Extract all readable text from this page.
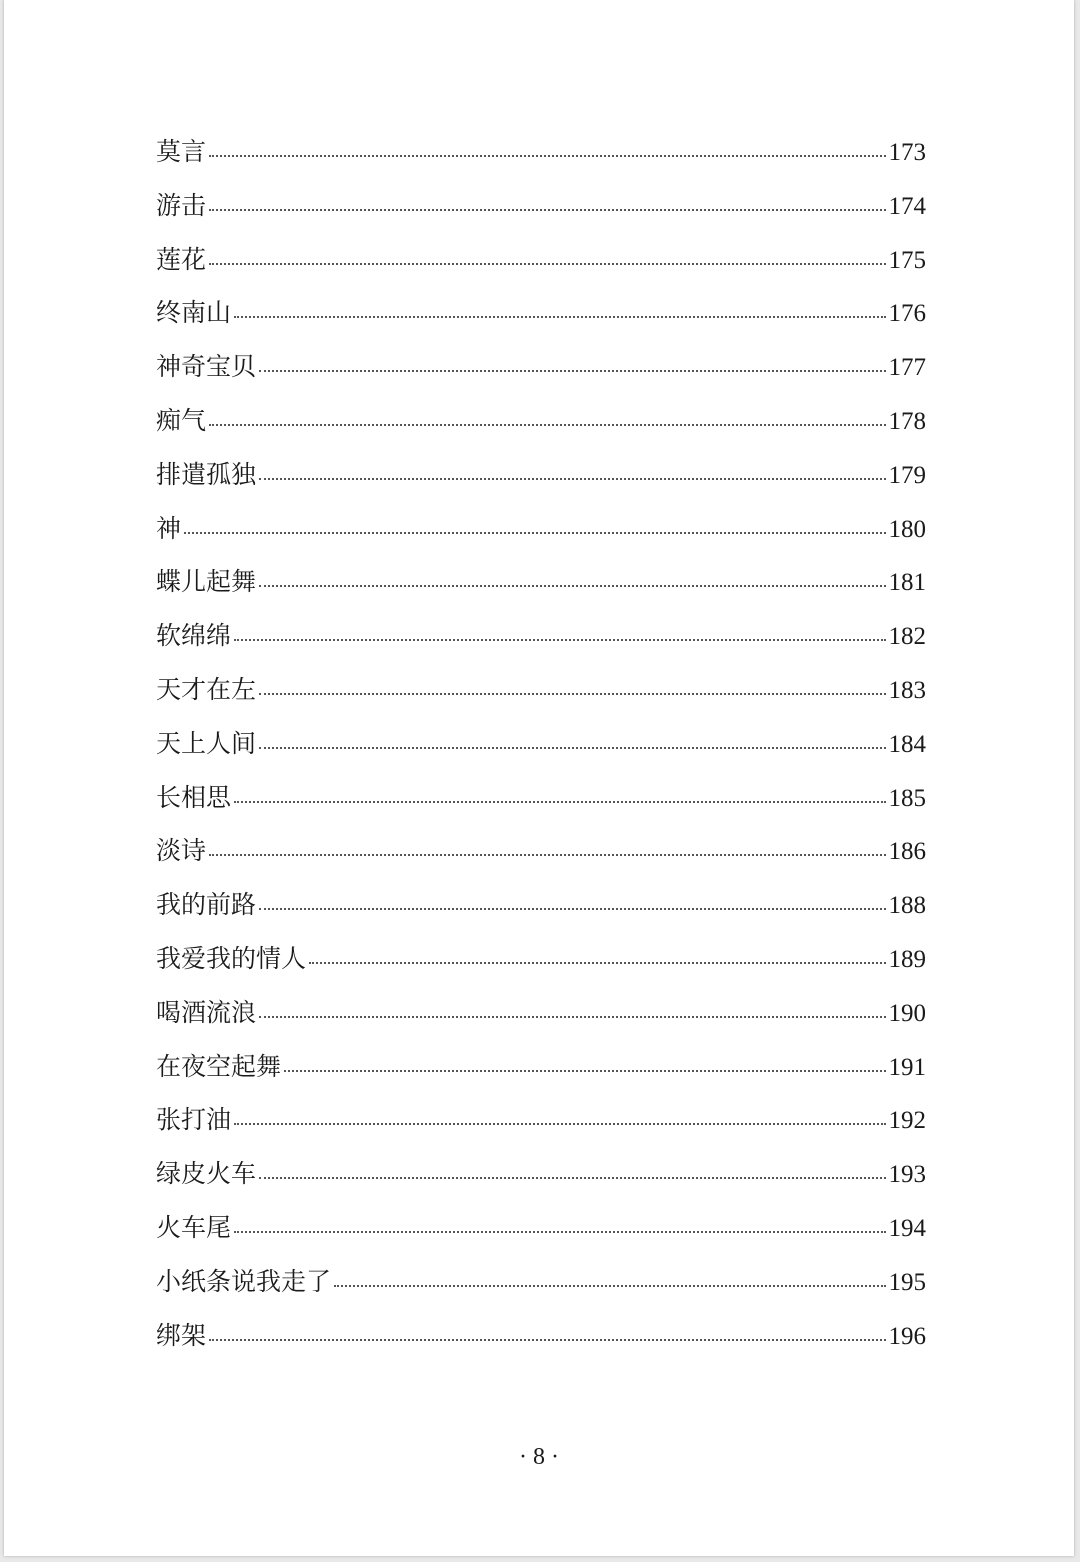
莫言	173
游击	174
莲花	175
终南山	176
神奇宝贝	177
痴气	178
排遣孤独	179
神	180
蝶儿起舞	181
软绵绵	182
天才在左	183
天上人间	184
长相思	185
淡诗	186
我的前路	188
我爱我的情人	189
喝酒流浪	190
在夜空起舞	191
张打油	192
绿皮火车	193
火车尾	194
小纸条说我走了	195
绑架	196
· 8 ·
